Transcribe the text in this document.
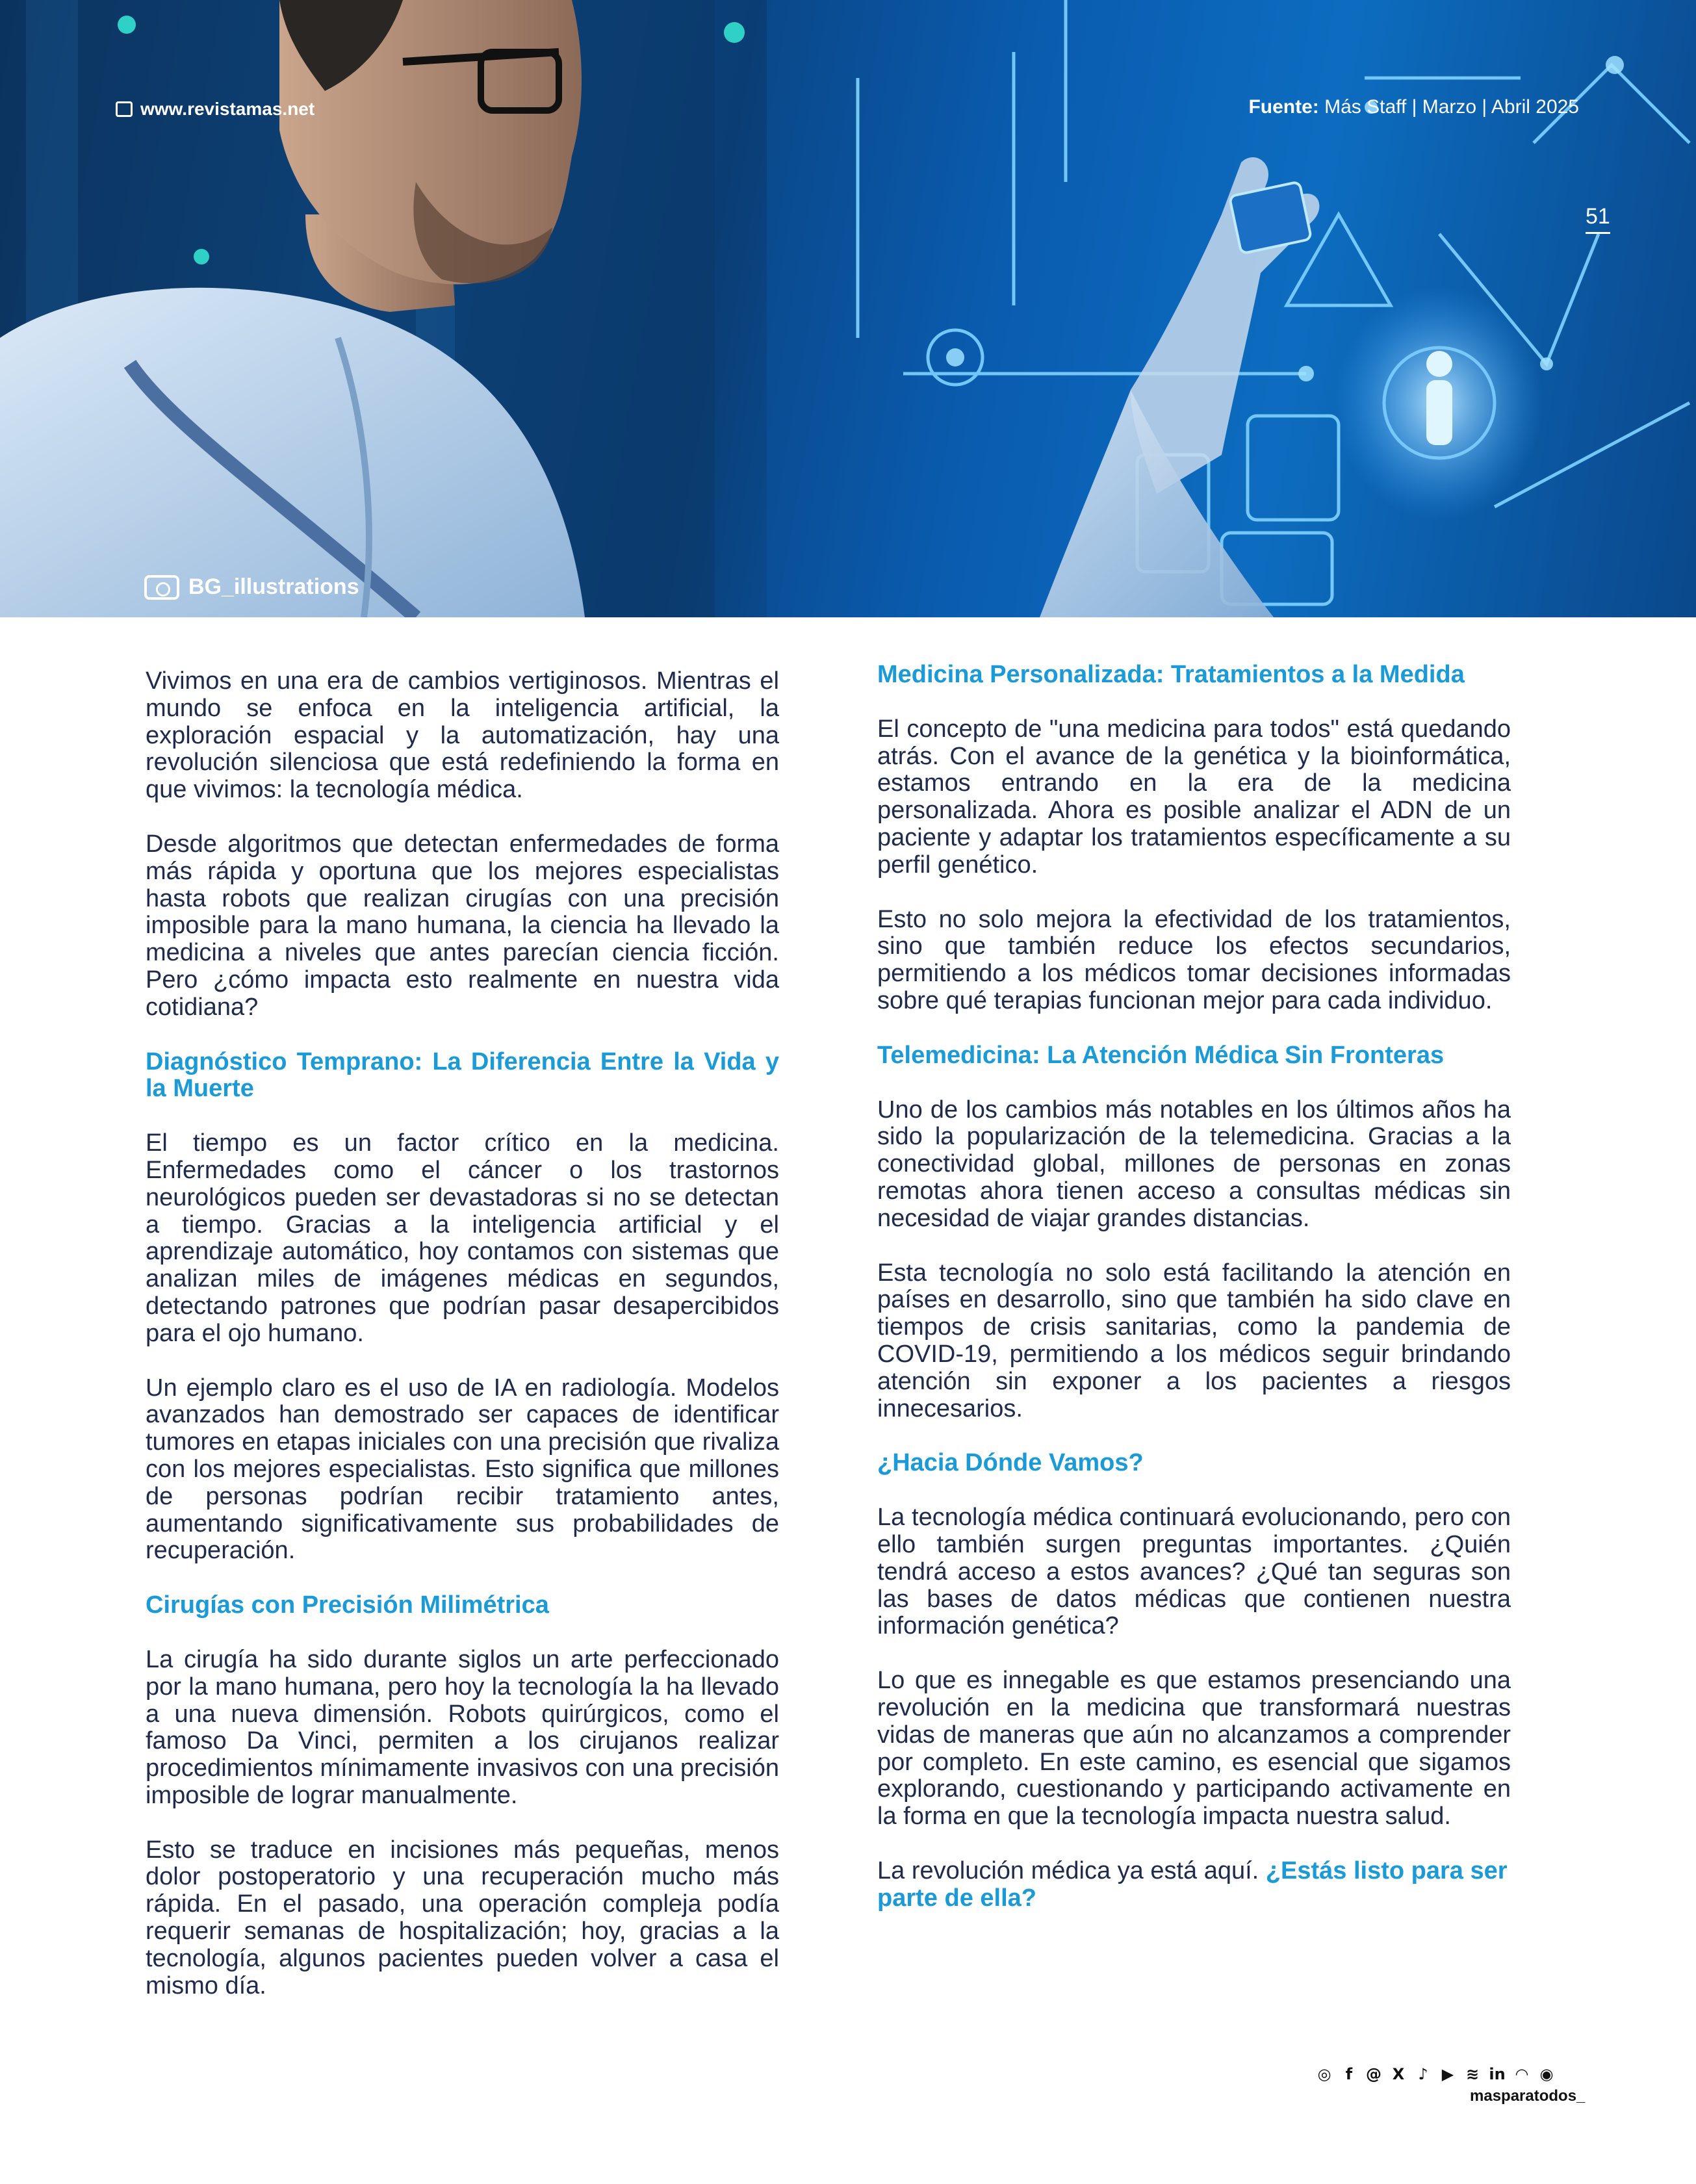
www.revistamas.net	Fuente: Más Staff | Marzo | Abril 2025
51
BG_illustrations

Vivimos en una era de cambios vertiginosos. Mientras el mundo se enfoca en la inteligencia artificial, la exploración espacial y la automatización, hay una revolución silenciosa que está redefiniendo la forma en que vivimos: la tecnología médica.

Desde algoritmos que detectan enfermedades de forma más rápida y oportuna que los mejores especialistas hasta robots que realizan cirugías con una precisión imposible para la mano humana, la ciencia ha llevado la medicina a niveles que antes parecían ciencia ficción. Pero ¿cómo impacta esto realmente en nuestra vida cotidiana?

Diagnóstico Temprano: La Diferencia Entre la Vida y la Muerte

El tiempo es un factor crítico en la medicina. Enfermedades como el cáncer o los trastornos neurológicos pueden ser devastadoras si no se detectan a tiempo. Gracias a la inteligencia artificial y el aprendizaje automático, hoy contamos con sistemas que analizan miles de imágenes médicas en segundos, detectando patrones que podrían pasar desapercibidos para el ojo humano.

Un ejemplo claro es el uso de IA en radiología. Modelos avanzados han demostrado ser capaces de identificar tumores en etapas iniciales con una precisión que rivaliza con los mejores especialistas. Esto significa que millones de personas podrían recibir tratamiento antes, aumentando significativamente sus probabilidades de recuperación.

Cirugías con Precisión Milimétrica

La cirugía ha sido durante siglos un arte perfeccionado por la mano humana, pero hoy la tecnología la ha llevado a una nueva dimensión. Robots quirúrgicos, como el famoso Da Vinci, permiten a los cirujanos realizar procedimientos mínimamente invasivos con una precisión imposible de lograr manualmente.

Esto se traduce en incisiones más pequeñas, menos dolor postoperatorio y una recuperación mucho más rápida. En el pasado, una operación compleja podía requerir semanas de hospitalización; hoy, gracias a la tecnología, algunos pacientes pueden volver a casa el mismo día.

Medicina Personalizada: Tratamientos a la Medida

El concepto de "una medicina para todos" está quedando atrás. Con el avance de la genética y la bioinformática, estamos entrando en la era de la medicina personalizada. Ahora es posible analizar el ADN de un paciente y adaptar los tratamientos específicamente a su perfil genético.

Esto no solo mejora la efectividad de los tratamientos, sino que también reduce los efectos secundarios, permitiendo a los médicos tomar decisiones informadas sobre qué terapias funcionan mejor para cada individuo.

Telemedicina: La Atención Médica Sin Fronteras

Uno de los cambios más notables en los últimos años ha sido la popularización de la telemedicina. Gracias a la conectividad global, millones de personas en zonas remotas ahora tienen acceso a consultas médicas sin necesidad de viajar grandes distancias.

Esta tecnología no solo está facilitando la atención en países en desarrollo, sino que también ha sido clave en tiempos de crisis sanitarias, como la pandemia de COVID-19, permitiendo a los médicos seguir brindando atención sin exponer a los pacientes a riesgos innecesarios.

¿Hacia Dónde Vamos?

La tecnología médica continuará evolucionando, pero con ello también surgen preguntas importantes. ¿Quién tendrá acceso a estos avances? ¿Qué tan seguras son las bases de datos médicas que contienen nuestra información genética?

Lo que es innegable es que estamos presenciando una revolución en la medicina que transformará nuestras vidas de maneras que aún no alcanzamos a comprender por completo. En este camino, es esencial que sigamos explorando, cuestionando y participando activamente en la forma en que la tecnología impacta nuestra salud.

La revolución médica ya está aquí. ¿Estás listo para ser parte de ella?

◎ f @ X ♪ ▶ ≋ in ◠ ◉
masparatodos_
